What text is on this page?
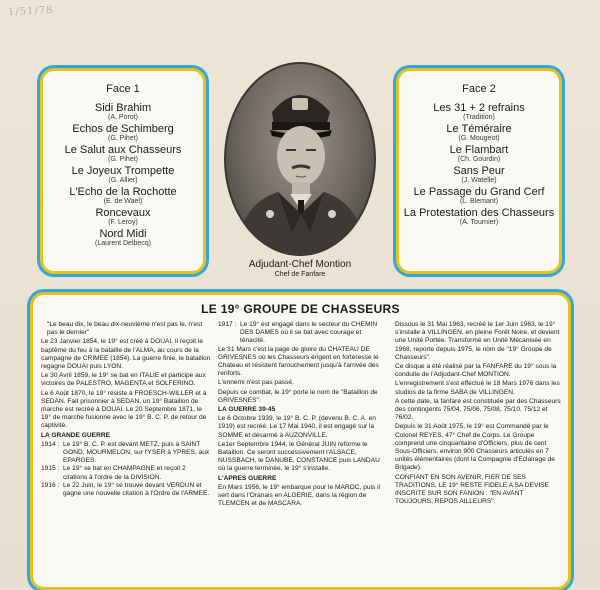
1/51/78
Face 1
Sidi Brahim
(A. Porot)
Echos de Schimberg
(G. Pihet)
Le Salut aux Chasseurs
(G. Pihet)
Le Joyeux Trompette
(G. Allier)
L'Echo de la Rochotte
(E. de Wael)
Roncevaux
(F. Leroy)
Nord Midi
(Laurent Delbecq)
Adjudant-Chef Montion
Chef de Fanfare
Face 2
Les 31 + 2 refrains
(Tradition)
Le Téméraire
(G. Mougeot)
Le Flambart
(Ch. Gourdin)
Sans Peur
(J. Watelle)
Le Passage du Grand Cerf
(L. Blemant)
La Protestation des Chasseurs
(A. Tournier)
LE 19° GROUPE DE CHASSEURS

"Le beau dix, le beau dix-neuvième n'est pas le, n'est pas le dernier"

Le 23 Janvier 1854, le 19° est créé à DOUAI. Il reçoit le baptême du feu à la bataille de l'ALMA, au cours de la campagne de CRIMEE (1854). La guerre finie, le bataillon regagne DOUAI puis LYON.

Le 30 Avril 1859, le 19° se bat en ITALIE et participe aux victoires de PALESTRO, MAGENTA et SOLFERINO.

Le 6 Août 1870, le 19° résiste à FROESCH-WILLER et à SEDAN. Fait prisonnier à SEDAN, un 19° Bataillon de marche est recréé à DOUAI. Le 20 Septembre 1871, le 19° de marche fusionne avec le 19° B. C. P. de retour de captivité.

LA GRANDE GUERRE

1914 : Le 19° B. C. P. est devant METZ, puis à SAINT GOND, MOURMELON, sur l'YSER à YPRES, aux EPARGES.
1915 : Le 19° se bat en CHAMPAGNE et reçoit 2 citations à l'ordre de la DIVISION.
1916 : Le 22 Juin, le 19° se trouve devant VERDUN et gagne une nouvelle citation à l'Ordre de l'ARMEE.
1917 : Le 19° est engagé dans le secteur du CHEMIN DES DAMES où il se bat avec courage et ténacité.

Le 31 Mars c'est la page de gloire du CHATEAU DE GRIVESNES où les Chasseurs érigent en forteresse le Chateau et résistent farouchement jusqu'à l'arrivée des renforts.

L'ennemi n'est pas passé.

Depuis ce combat, le 19° porte le nom de "Bataillon de GRIVESNES".

LA GUERRE 39-45

Le 6 Octobre 1939, le 19° B. C. P. (devenu B. C. A. en 1919) est recréé. Le 17 Mai 1940, il est engagé sur la SOMME et désarmé à AUZONVILLE.

Le1er Septembre 1944, le Général JUIN reforme le Bataillon. Ce seront successivement l'ALSACE, NUSSBACH, le DANUBE, CONSTANCE puis LANDAU où la guerre terminée, le 19° s'installe.

L'APRES GUERRE

En Mars 1956, le 19° embarque pour le MAROC, puis il sert dans l'Oranais en ALGERIE, dans la région de TLEMCEN et de MASCARA.

Dissous le 31 Mai 1963, recréé le 1er Juin 1963, le 19° s'installe à VILLINGEN, en pleine Forêt Noire, et devient une Unité Portée. Transformé en Unité Mécanisée en 1968, reporte depuis 1975, le nom de "19° Groupe de Chasseurs".

Ce disque a été réalisé par la FANFARE du 19° sous la conduite de l'Adjudant-Chef MONTION.

L'enregistrement s'est effectué le 18 Mars 1976 dans les studios de la firme SABA de VILLINGEN.

A cette date, la fanfare est constituée par des Chasseurs des contingents 75/04, 75/06, 75/08, 75/10, 75/12 et 76/02.

Depuis le 31 Août 1975, le 19° est Commandé par le Colonel REYES, 47° Chef de Corps. Le Groupe comprend une cinquantaine d'Officiers, plus de cent Sous-Officiers, environ 900 Chasseurs articulés en 7 unités élémentaires (dont la Compagnie d'Eclairage de Brigade).

CONFIANT EN SON AVENIR, FIER DE SES TRADITIONS, LE 19° RESTE FIDELE A SA DEVISE INSCRITE SUR SON FANION : "EN AVANT TOUJOURS, REPOS AILLEURS".
